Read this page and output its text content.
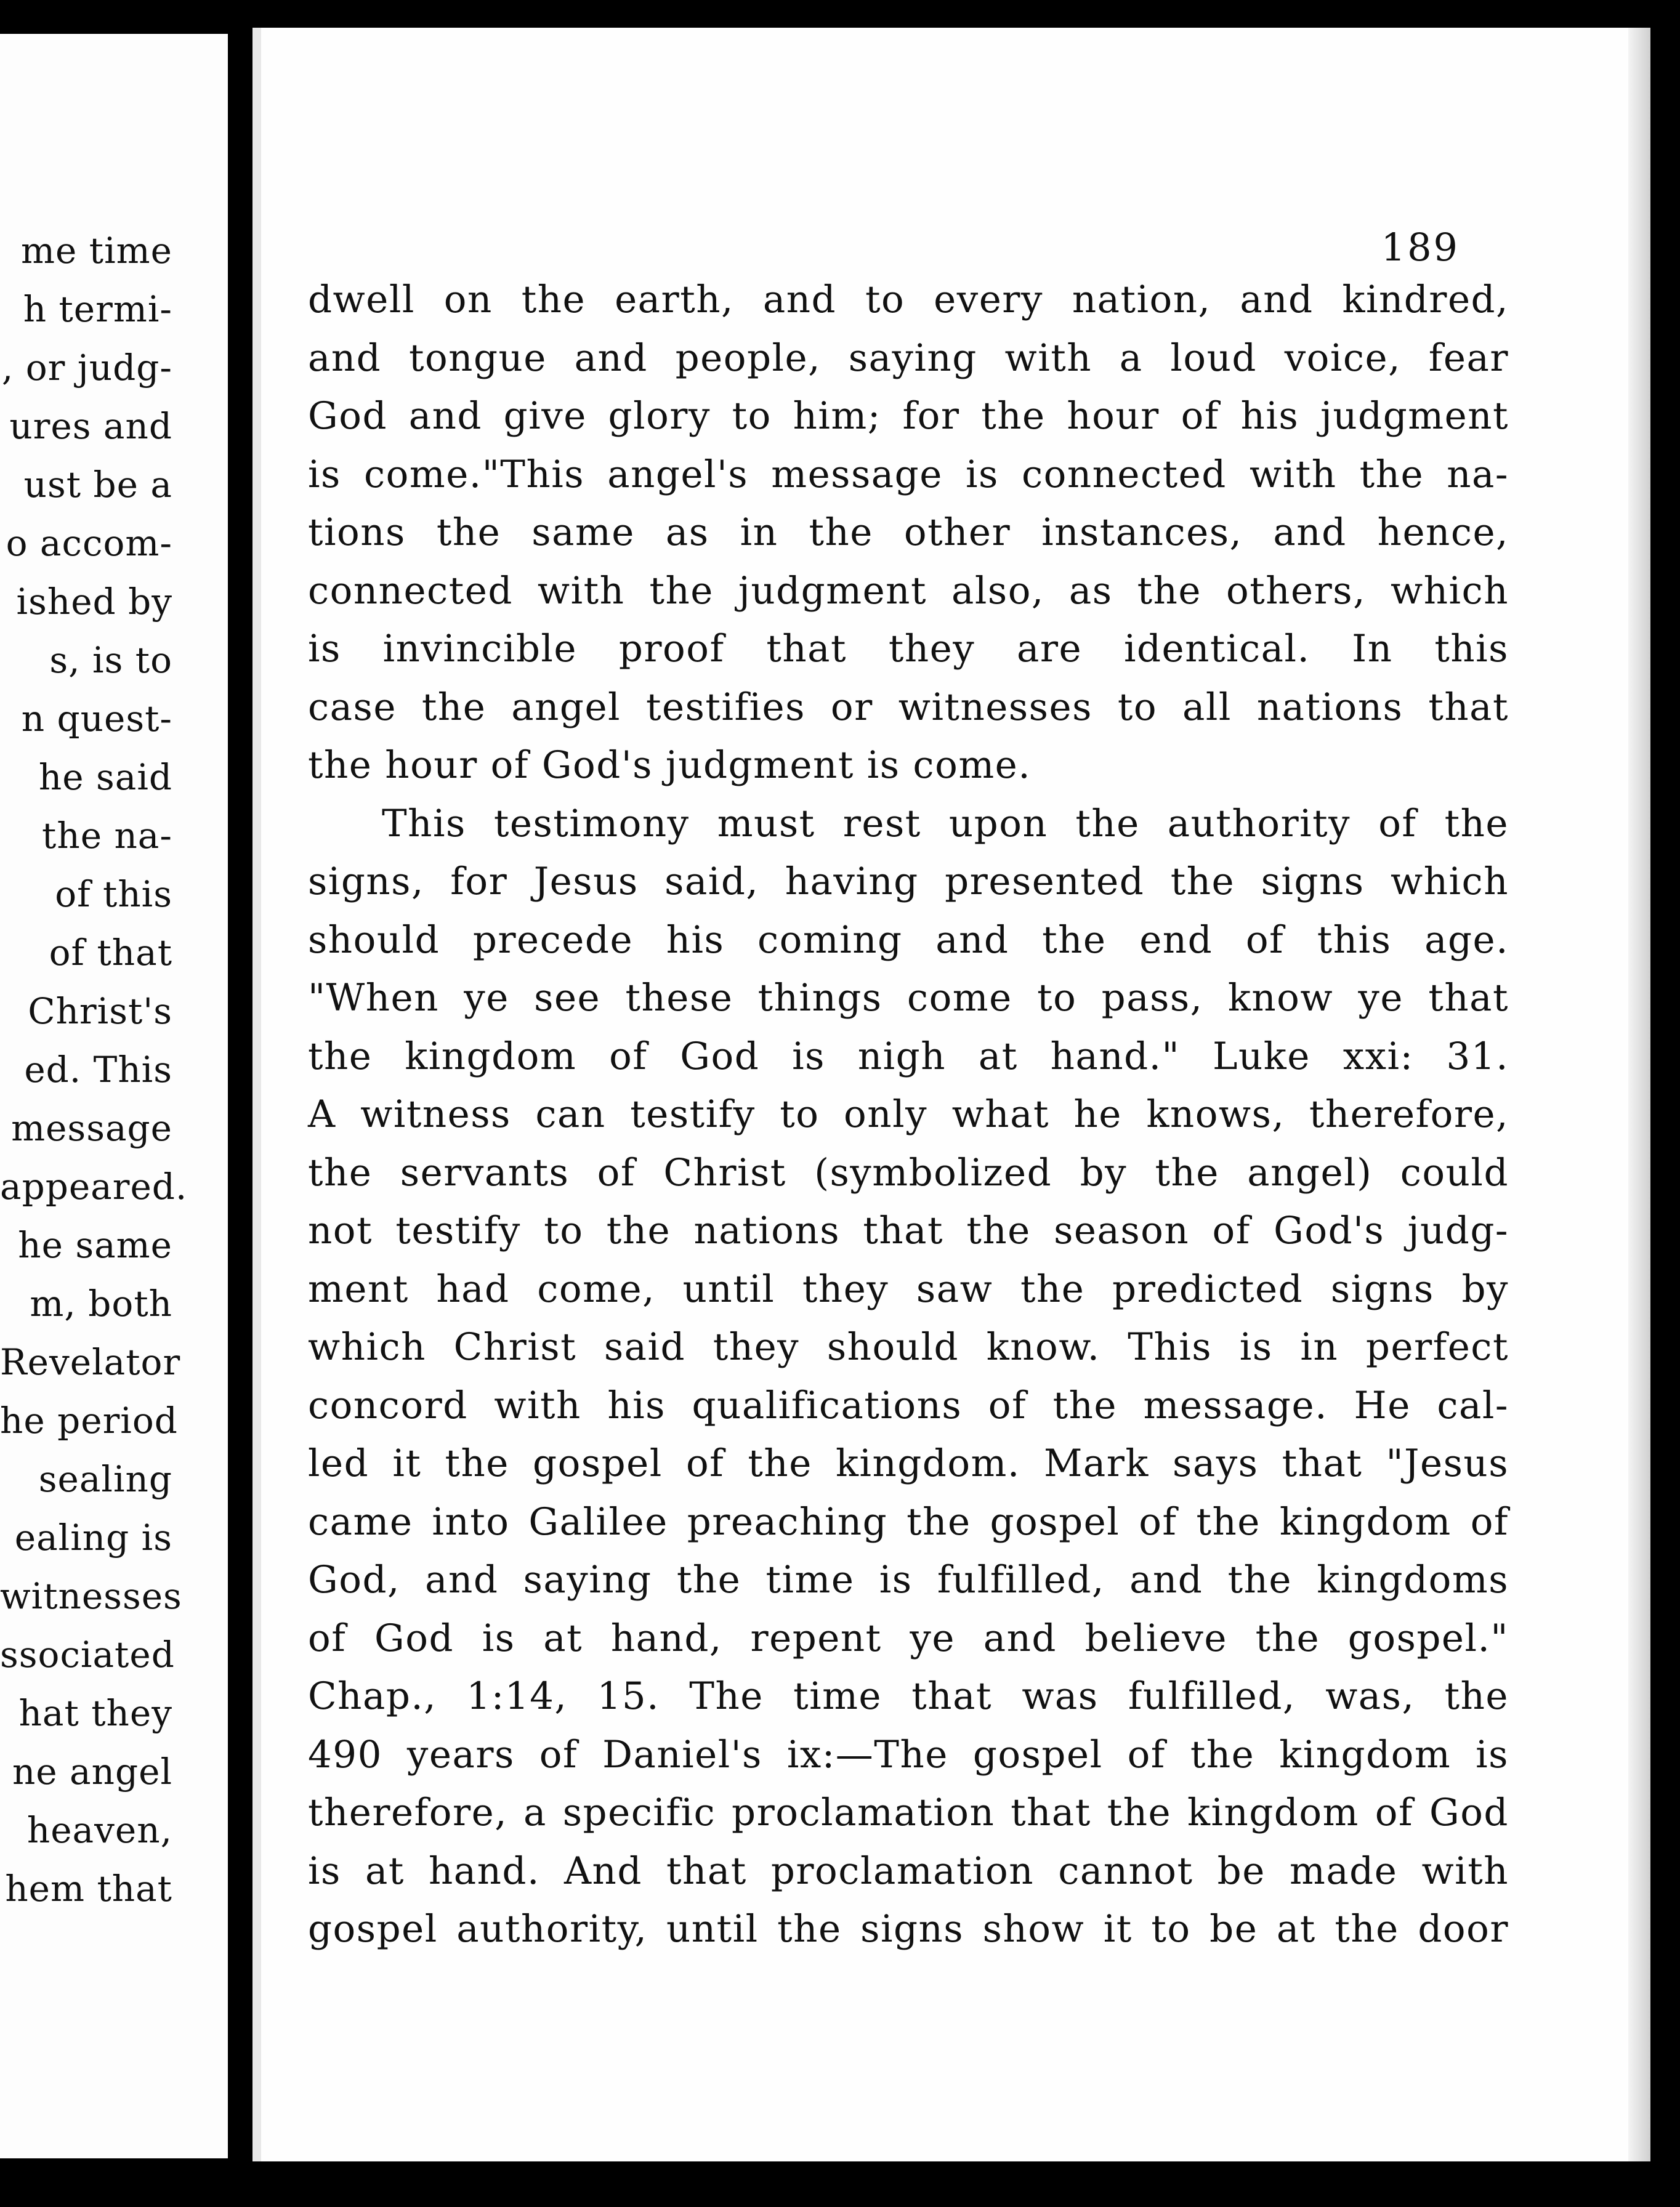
me time
h termi-
, or judg-
ures and
ust be a
o accom-
ished by
s, is to
n quest-
he said
the na-
of this
of that
Christ's
ed. This
message
appeared.
he same
m, both
Revelator
he period
sealing
ealing is
witnesses
ssociated
hat they
ne angel
heaven,
hem that
189
dwell on the earth, and to every nation, and kindred,
and tongue and people, saying with a loud voice, fear
God and give glory to him; for the hour of his judgment
is come."This angel's message is connected with the na-
tions the same as in the other instances, and hence,
connected with the judgment also, as the others, which
is invincible proof that they are identical. In this
case the angel testifies or witnesses to all nations that
the hour of God's judgment is come.
This testimony must rest upon the authority of the
signs, for Jesus said, having presented the signs which
should precede his coming and the end of this age.
"When ye see these things come to pass, know ye that
the kingdom of God is nigh at hand." Luke xxi: 31.
A witness can testify to only what he knows, therefore,
the servants of Christ (symbolized by the angel) could
not testify to the nations that the season of God's judg-
ment had come, until they saw the predicted signs by
which Christ said they should know. This is in perfect
concord with his qualifications of the message. He cal-
led it the gospel of the kingdom. Mark says that "Jesus
came into Galilee preaching the gospel of the kingdom of
God, and saying the time is fulfilled, and the kingdoms
of God is at hand, repent ye and believe the gospel."
Chap., 1:14, 15. The time that was fulfilled, was, the
490 years of Daniel's ix:—The gospel of the kingdom is
therefore, a specific proclamation that the kingdom of God
is at hand. And that proclamation cannot be made with
gospel authority, until the signs show it to be at the door
